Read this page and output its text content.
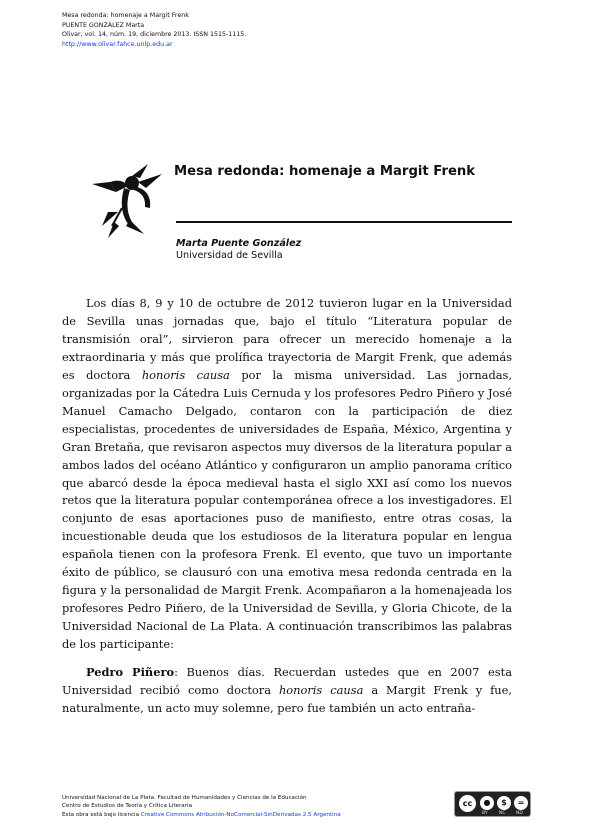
Mesa redonda: homenaje a Margit Frenk
PUENTE GONZÁLEZ Marta
Olivar, vol. 14, núm. 19, diciembre 2013. ISSN 1515-1115.
http://www.olivar.fahce.unlp.edu.ar
Mesa redonda: homenaje a Margit Frenk
Marta Puente González
Universidad de Sevilla

Los días 8, 9 y 10 de octubre de 2012 tuvieron lugar en la Universidad de Sevilla unas jornadas que, bajo el título “Literatura popular de transmisión oral”, sirvieron para ofrecer un merecido homenaje a la extraordinaria y más que prolífica trayectoria de Margit Frenk, que además es doctora honoris causa por la misma universidad. Las jornadas, organizadas por la Cátedra Luis Cernuda y los profesores Pedro Piñero y José Manuel Camacho Delgado, contaron con la participación de diez especialistas, procedentes de universidades de España, México, Argentina y Gran Bretaña, que revisaron aspectos muy diversos de la literatura popular a ambos lados del océano Atlántico y configuraron un amplio panorama crítico que abarcó desde la época medieval hasta el siglo XXI así como los nuevos retos que la literatura popular contemporánea ofrece a los investigadores. El conjunto de esas aportaciones puso de manifiesto, entre otras cosas, la incuestionable deuda que los estudiosos de la literatura popular en lengua española tienen con la profesora Frenk. El evento, que tuvo un importante éxito de público, se clausuró con una emotiva mesa redonda centrada en la figura y la personalidad de Margit Frenk. Acompañaron a la homenajeada los profesores Pedro Piñero, de la Universidad de Sevilla, y Gloria Chicote, de la Universidad Nacional de La Plata. A continuación transcribimos las palabras de los participante:

Pedro Piñero: Buenos días. Recuerdan ustedes que en 2007 esta Universidad recibió como doctora honoris causa a Margit Frenk y fue, naturalmente, un acto muy solemne, pero fue también un acto entraña-

Universidad Nacional de La Plata. Facultad de Humanidades y Ciencias de la Educación
Centro de Estudios de Teoría y Crítica Literaria
Esta obra está bajo licencia Creative Commons Atribución-NoComercial-SinDerivadas 2.5 Argentina
cc	●	$	=
BY	NC ND
